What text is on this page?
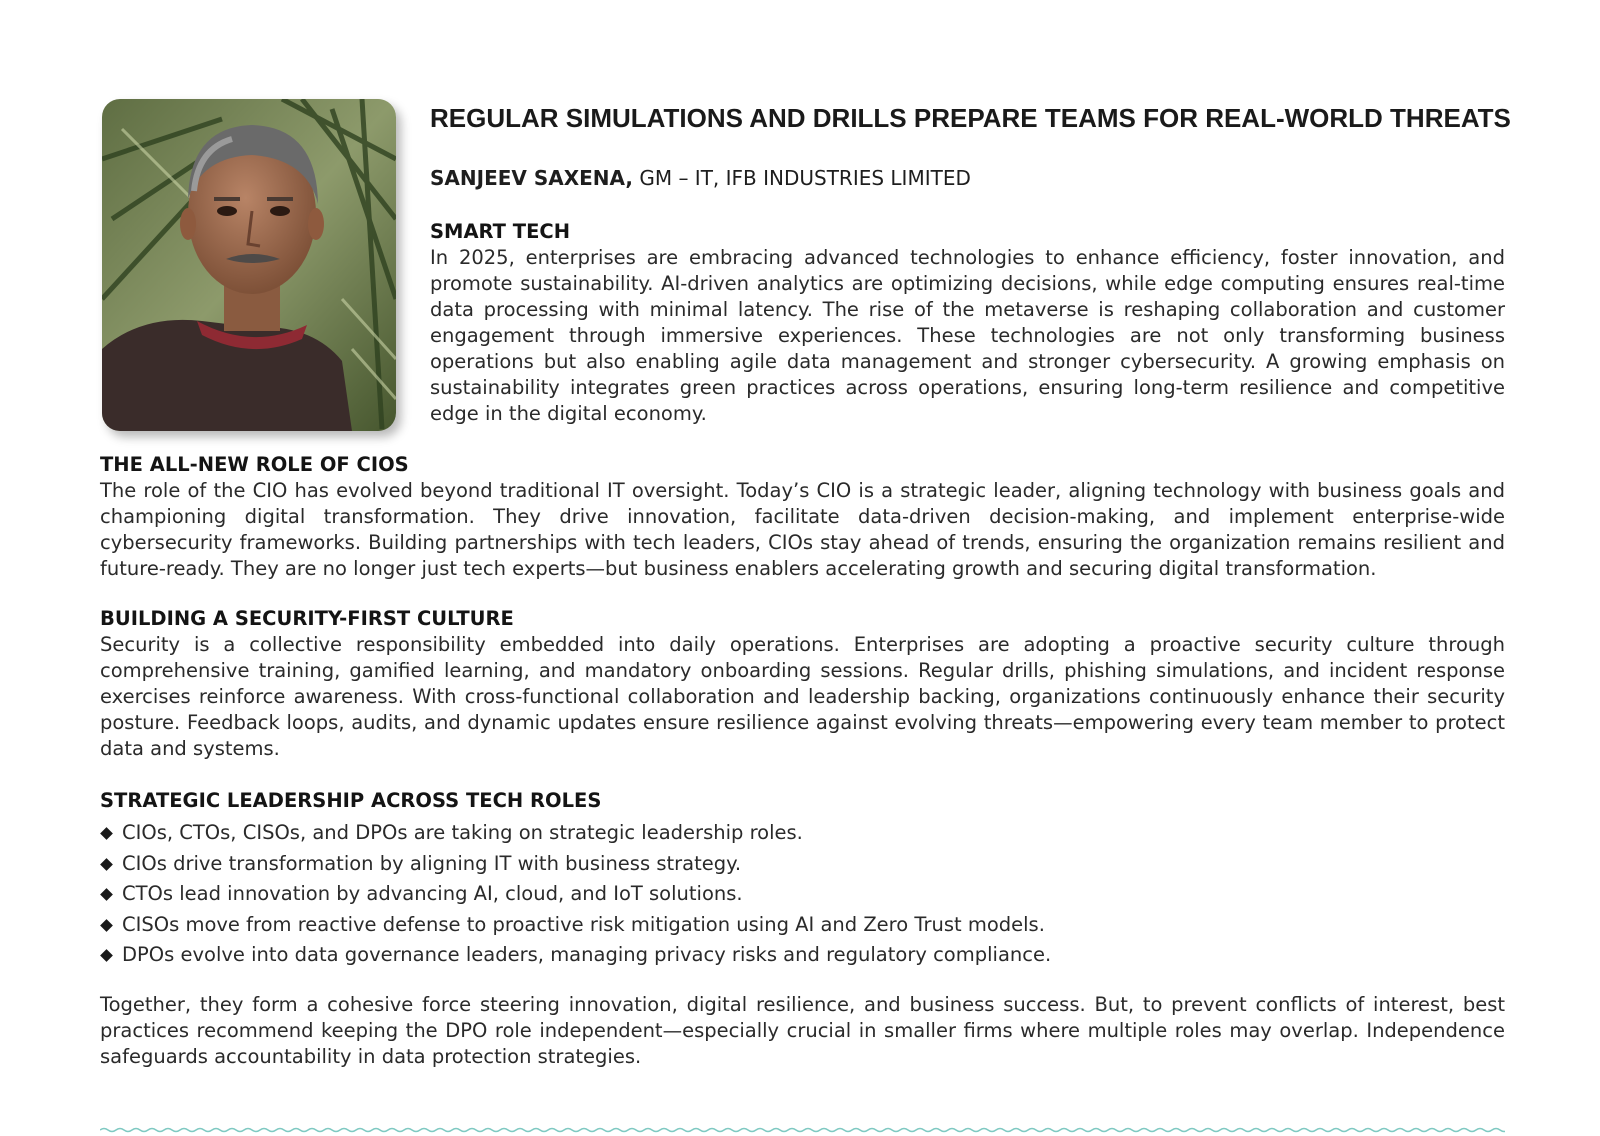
REGULAR SIMULATIONS AND DRILLS PREPARE TEAMS FOR REAL-WORLD THREATS
SANJEEV SAXENA, GM – IT, IFB INDUSTRIES LIMITED
SMART TECH

In 2025, enterprises are embracing advanced technologies to enhance efficiency, foster innovation, and promote sustainability. AI-driven analytics are optimizing decisions, while edge computing ensures real-time data processing with minimal latency. The rise of the metaverse is reshaping collaboration and customer engagement through immersive experiences. These technologies are not only transforming business operations but also enabling agile data management and stronger cybersecurity. A growing emphasis on sustainability integrates green practices across operations, ensuring long-term resilience and competitive edge in the digital economy.

THE ALL-NEW ROLE OF CIOS

The role of the CIO has evolved beyond traditional IT oversight. Today’s CIO is a strategic leader, aligning technology with business goals and championing digital transformation. They drive innovation, facilitate data-driven decision-making, and implement enterprise-wide cybersecurity frameworks. Building partnerships with tech leaders, CIOs stay ahead of trends, ensuring the organization remains resilient and future-ready. They are no longer just tech experts—but business enablers accelerating growth and securing digital transformation.

BUILDING A SECURITY-FIRST CULTURE

Security is a collective responsibility embedded into daily operations. Enterprises are adopting a proactive security culture through comprehensive training, gamified learning, and mandatory onboarding sessions. Regular drills, phishing simulations, and incident response exercises reinforce awareness. With cross-functional collaboration and leadership backing, organizations continuously enhance their security posture. Feedback loops, audits, and dynamic updates ensure resilience against evolving threats—empowering every team member to protect data and systems.

STRATEGIC LEADERSHIP ACROSS TECH ROLES
CIOs, CTOs, CISOs, and DPOs are taking on strategic leadership roles.
CIOs drive transformation by aligning IT with business strategy.
CTOs lead innovation by advancing AI, cloud, and IoT solutions.
CISOs move from reactive defense to proactive risk mitigation using AI and Zero Trust models.
DPOs evolve into data governance leaders, managing privacy risks and regulatory compliance.

Together, they form a cohesive force steering innovation, digital resilience, and business success. But, to prevent conflicts of interest, best practices recommend keeping the DPO role independent—especially crucial in smaller firms where multiple roles may overlap. Independence safeguards accountability in data protection strategies.
